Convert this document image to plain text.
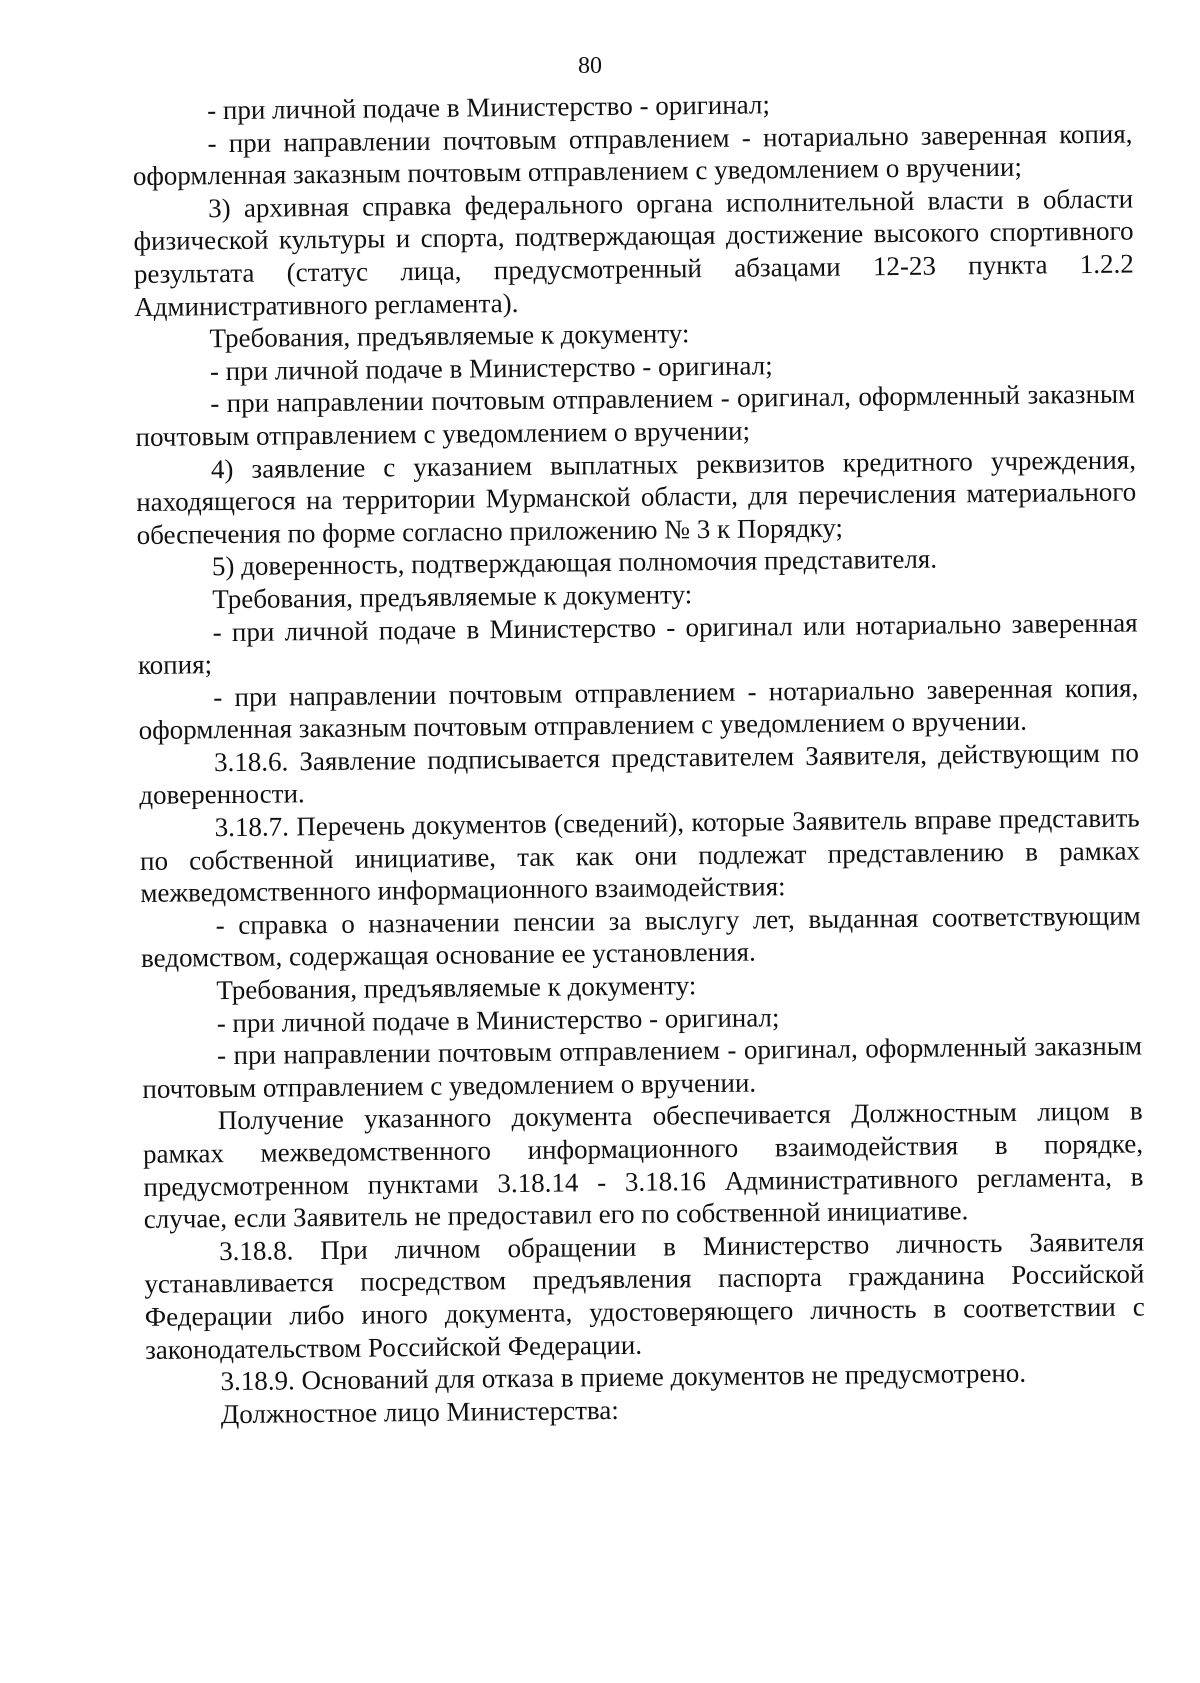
80

- при личной подаче в Министерство - оригинал;

- при направлении почтовым отправлением - нотариально заверенная копия, оформленная заказным почтовым отправлением с уведомлением о вручении;

3) архивная справка федерального органа исполнительной власти в области физической культуры и спорта, подтверждающая достижение высокого спортивного результата (статус лица, предусмотренный абзацами 12-23 пункта 1.2.2 Административного регламента).

Требования, предъявляемые к документу:

- при личной подаче в Министерство - оригинал;

- при направлении почтовым отправлением - оригинал, оформленный заказным почтовым отправлением с уведомлением о вручении;

4) заявление с указанием выплатных реквизитов кредитного учреждения, находящегося на территории Мурманской области, для перечисления материального обеспечения по форме согласно приложению № 3 к Порядку;

5) доверенность, подтверждающая полномочия представителя.

Требования, предъявляемые к документу:

- при личной подаче в Министерство - оригинал или нотариально заверенная копия;

- при направлении почтовым отправлением - нотариально заверенная копия, оформленная заказным почтовым отправлением с уведомлением о вручении.

3.18.6. Заявление подписывается представителем Заявителя, действующим по доверенности.

3.18.7. Перечень документов (сведений), которые Заявитель вправе представить по собственной инициативе, так как они подлежат представлению в рамках межведомственного информационного взаимодействия:

- справка о назначении пенсии за выслугу лет, выданная соответствующим ведомством, содержащая основание ее установления.

Требования, предъявляемые к документу:

- при личной подаче в Министерство - оригинал;

- при направлении почтовым отправлением - оригинал, оформленный заказным почтовым отправлением с уведомлением о вручении.

Получение указанного документа обеспечивается Должностным лицом в рамках межведомственного информационного взаимодействия в порядке, предусмотренном пунктами 3.18.14 - 3.18.16 Административного регламента, в случае, если Заявитель не предоставил его по собственной инициативе.

3.18.8. При личном обращении в Министерство личность Заявителя устанавливается посредством предъявления паспорта гражданина Российской Федерации либо иного документа, удостоверяющего личность в соответствии с законодательством Российской Федерации.

3.18.9. Оснований для отказа в приеме документов не предусмотрено.

Должностное лицо Министерства:
